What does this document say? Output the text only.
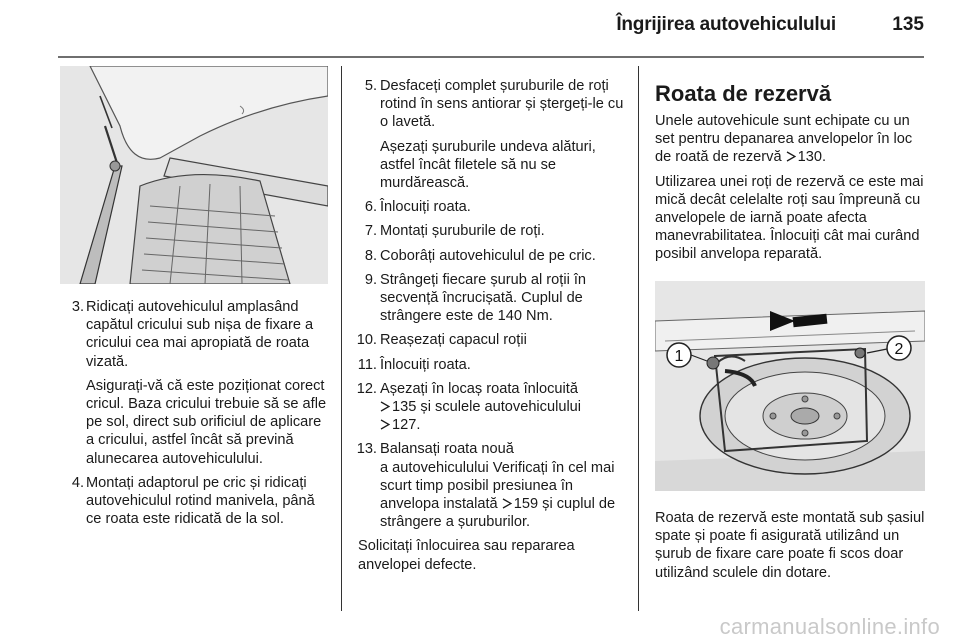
Îngrijirea autovehiculului	135
3. Ridicați autovehiculul amplasând capătul cricului sub nișa de fixare a cricului cea mai apropiată de roata vizată.
Asigurați-vă că este poziționat corect cricul. Baza cricului trebuie să se afle pe sol, direct sub orificiul de aplicare a cricului, astfel încât să prevină alunecarea autovehiculului.
4. Montați adaptorul pe cric și ridicați autovehiculul rotind manivela, până ce roata este ridicată de la sol.
5. Desfaceți complet șuruburile de roți rotind în sens antiorar și ștergeți-le cu o lavetă.
Așezați șuruburile undeva alături, astfel încât filetele să nu se murdărească.
6. Înlocuiți roata.
7. Montați șuruburile de roți.
8. Coborâți autovehiculul de pe cric.
9. Strângeți fiecare șurub al roții în secvență încrucișată. Cuplul de strângere este de 140 Nm.
10. Reașezați capacul roții
11. Înlocuiți roata.
12. Așezați în locaș roata înlocuită
135 și sculele autovehiculului
127.
13. Balansați roata nouă
a autovehiculului Verificați în cel mai scurt timp posibil presiunea în anvelopa instalată 159 și cuplul de strângere a șuruburilor.
Solicitați înlocuirea sau repararea anvelopei defecte.
Roata de rezervă
Unele autovehicule sunt echipate cu un set pentru depanarea anvelopelor în loc de roată de rezervă 130.
Utilizarea unei roți de rezervă ce este mai mică decât celelalte roți sau împreună cu anvelopele de iarnă poate afecta manevrabilitatea. Înlocuiți cât mai curând posibil anvelopa reparată.
1	2
Roata de rezervă este montată sub șasiul spate și poate fi asigurată utilizând un șurub de fixare care poate fi scos doar utilizând sculele din dotare.
carmanualsonline.info
